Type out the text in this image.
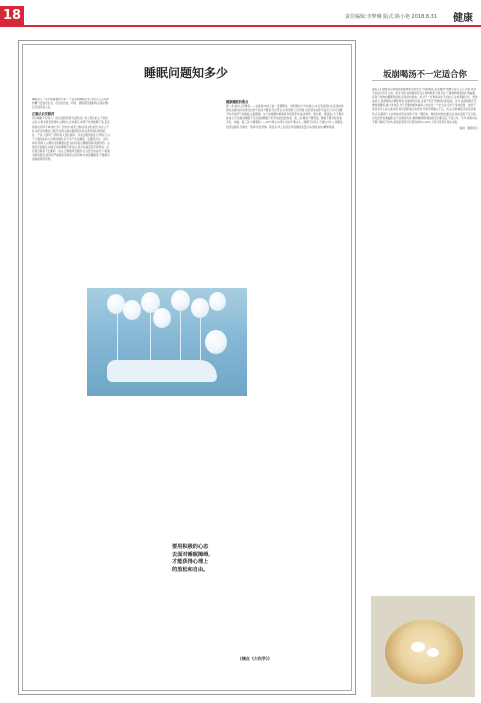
18	责任编辑:李梦琳 版式:路小艳 2018.8.31 健康
睡眠问题知多少
睡眠是人一生中最重要的大事,一个良好的睡眠状态,才能让人有充沛的精力去面对生活。但因为饮食、环境、情绪等因素影响,失眠问题总会困扰着人们。
正确认识安眠药
很多睡眠不好的人一谈及安眠药就"谈虎色变",加上周边的人不停的念叨,让很多患者觉得吃入睡的人会依赖它,如果不吃药就睡不着,甚至是就永远停不掉?担心伤了会吃坏,或者上瘾?但是这些担忧,有些人不听从医生医嘱自行停药,结果出现失眠情况以致自我怀疑时智慧症状。于是,又停用了药物,陷入恶性循环。其实安眠药的处方药物,它对于大脑功能病人有效的帮助,并不会产生依赖性。安眠药会在一定时间内,帮助人入睡时改善睡眠质量,按时间指示睡眠周期,逐渐停药。这是医生的建议,恢复正常的睡眠节律以后,是可以减量直至停用的。这些观念都是不正确的。所以,正确服用安眠药,应在医生的指导下,根据失眠的原因,类型和严重程度选择适合的药物,并按医嘱服用,不要擅自加减或停用药物。
健康睡眠四要点
第一条:按时上床睡觉——也就是23时之前一定要睡觉。中医理论中子时(晚上11点至凌晨1点)是身体休养的关键时间,如果长时间子时前不睡觉,无论男女,自身伤肝,日久伤肾,进而造成身体气血双亏,每天到睡子时会觉得气色晦暗,皮肤粗糙。这个时候睡觉就算再多的营养补品(各种鸡、维生素、保健品),天天都补身体,也不能挽回睡眠不足造成的睡眠不好带来的皮肤伤害。第二条:睡前不要熬夜。睡前不要长时间看手机、电脑。第三条:午睡要短——30分钟左右即可,时间不要太久。睡眠不好的人不建议中午上床睡觉,若感觉疲倦,可静坐一刻钟,闭目养神。第四条:早上起床后早晨要做适量运动,锻炼身体,精神饱满。
要用积极的心态去面对睡眠障碍,才能获得心理上的放松和自由。
(摘自《大科学》)
坂崩喝汤不一定适合你
随着人们健康意识的提高和健康知识的普及,"饭前喝汤,苗条健康"的理念深入人心,但是,汤并不是适合所有人的。医生介绍,饭前喝汤可以让食物顺利下咽,防止干硬食物刺激消化道黏膜,有利于食物的稀释和搅拌,促进消化吸收。但对于一些胃肠功能不好的人,比如胃酸过多、胃溃疡病人,饭前喝汤会稀释胃液,加重胃的负担,反而不利于食物的消化吸收。另外,饭前喝汤还可增加饱腹感,减少进食量,对于需要控制体重的人来说是一个好方法,但对于身体虚弱、食欲不佳的老年人和儿童来说,则可能影响正常进食,导致营养摄入不足。所以,饭前喝汤还是饭后喝汤,应该根据个人的身体状况来选择,不能一概而论。喝汤的时候也要注意,汤的温度不宜过高,以免烫伤食道黏膜;也不宜喝得太快,要细嚼慢咽;喝汤的量也要适宜,不宜过多。另外,喝汤时也不要只喝汤不吃肉,汤里的营养只有原料的5%-10%,大部分营养还留在肉里。
(摘自《健康报》)
